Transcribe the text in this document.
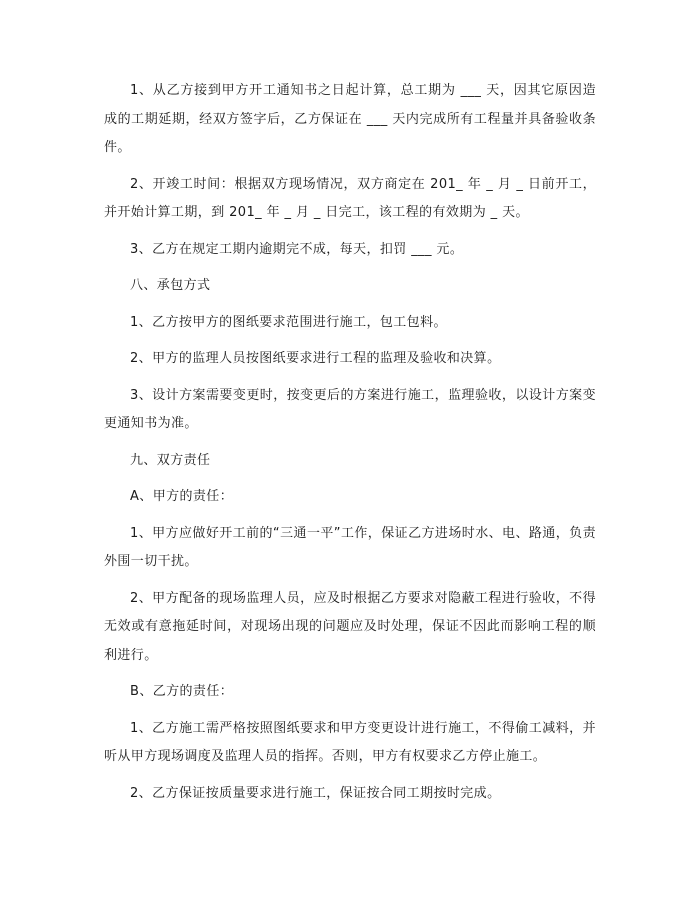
1、从乙方接到甲方开工通知书之日起计算，总工期为 ___ 天，因其它原因造成的工期延期，经双方签字后，乙方保证在 ___ 天内完成所有工程量并具备验收条件。

2、开竣工时间：根据双方现场情况，双方商定在 201_ 年 _ 月 _ 日前开工，并开始计算工期，到 201_ 年 _ 月 _ 日完工，该工程的有效期为 _ 天。

3、乙方在规定工期内逾期完不成，每天，扣罚 ___ 元。

八、承包方式

1、乙方按甲方的图纸要求范围进行施工，包工包料。

2、甲方的监理人员按图纸要求进行工程的监理及验收和决算。

3、设计方案需要变更时，按变更后的方案进行施工，监理验收，以设计方案变更通知书为准。

九、双方责任

A、甲方的责任：

1、甲方应做好开工前的“三通一平”工作，保证乙方进场时水、电、路通，负责外围一切干扰。

2、甲方配备的现场监理人员，应及时根据乙方要求对隐蔽工程进行验收，不得无效或有意拖延时间，对现场出现的问题应及时处理，保证不因此而影响工程的顺利进行。

B、乙方的责任：

1、乙方施工需严格按照图纸要求和甲方变更设计进行施工，不得偷工减料，并听从甲方现场调度及监理人员的指挥。否则，甲方有权要求乙方停止施工。

2、乙方保证按质量要求进行施工，保证按合同工期按时完成。
